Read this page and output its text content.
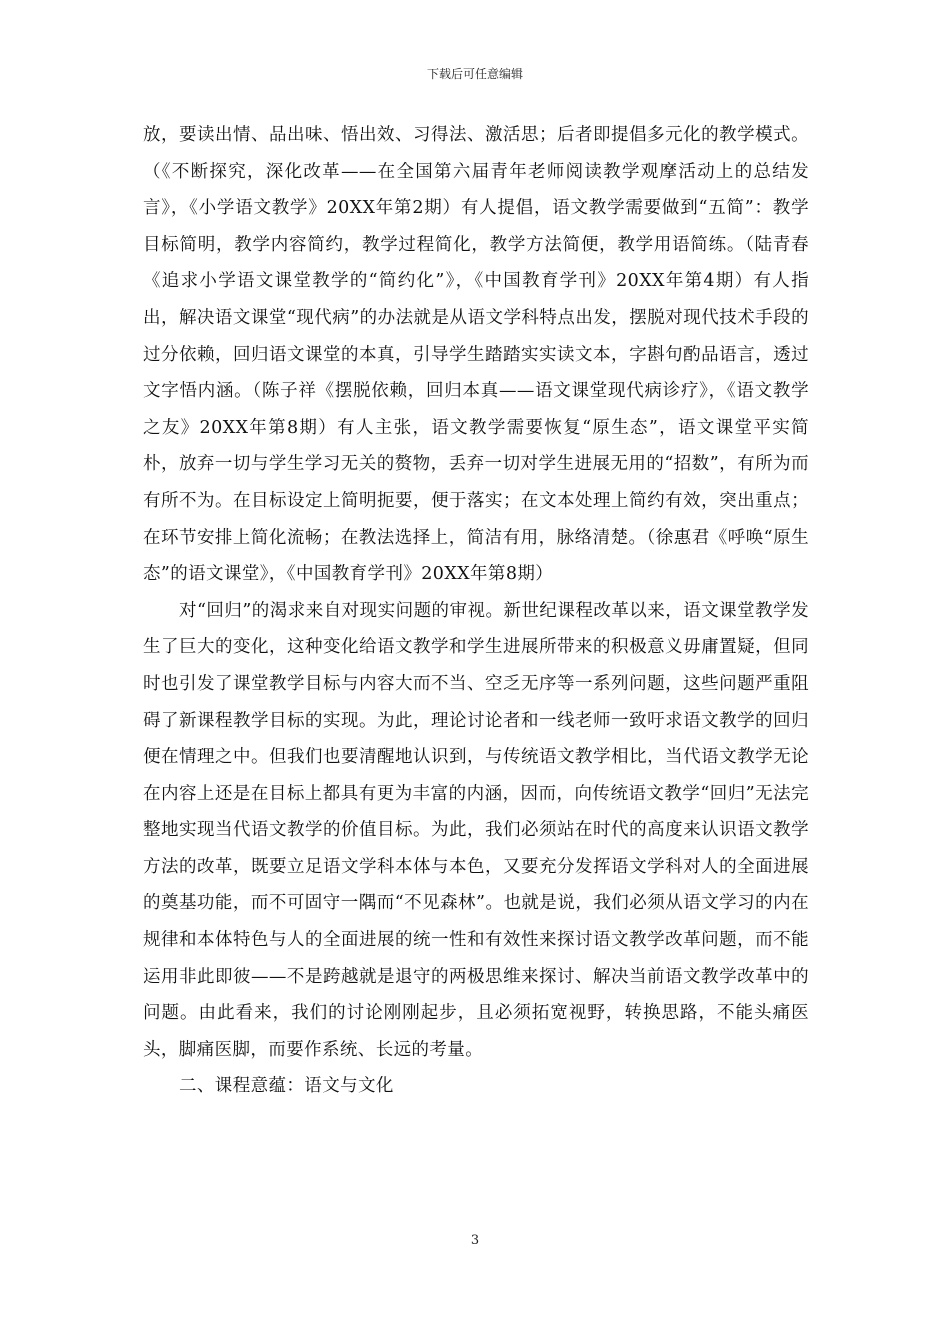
下载后可任意编辑

放，要读出情、品出味、悟出效、习得法、激活思；后者即提倡多元化的教学模式。（《不断探究，深化改革——在全国第六届青年老师阅读教学观摩活动上的总结发言》，《小学语文教学》20XX年第2期）有人提倡，语文教学需要做到“五简”：教学目标简明，教学内容简约，教学过程简化，教学方法简便，教学用语简练。（陆青春《追求小学语文课堂教学的“简约化”》，《中国教育学刊》20XX年第4期）有人指出，解决语文课堂“现代病”的办法就是从语文学科特点出发，摆脱对现代技术手段的过分依赖，回归语文课堂的本真，引导学生踏踏实实读文本，字斟句酌品语言，透过文字悟内涵。（陈子祥《摆脱依赖，回归本真——语文课堂现代病诊疗》，《语文教学之友》20XX年第8期）有人主张，语文教学需要恢复“原生态”，语文课堂平实简朴，放弃一切与学生学习无关的赘物，丢弃一切对学生进展无用的“招数”，有所为而有所不为。在目标设定上简明扼要，便于落实；在文本处理上简约有效，突出重点；在环节安排上简化流畅；在教法选择上，简洁有用，脉络清楚。（徐惠君《呼唤“原生态”的语文课堂》，《中国教育学刊》20XX年第8期）

对“回归”的渴求来自对现实问题的审视。新世纪课程改革以来，语文课堂教学发生了巨大的变化，这种变化给语文教学和学生进展所带来的积极意义毋庸置疑，但同时也引发了课堂教学目标与内容大而不当、空乏无序等一系列问题，这些问题严重阻碍了新课程教学目标的实现。为此，理论讨论者和一线老师一致吁求语文教学的回归便在情理之中。但我们也要清醒地认识到，与传统语文教学相比，当代语文教学无论在内容上还是在目标上都具有更为丰富的内涵，因而，向传统语文教学“回归”无法完整地实现当代语文教学的价值目标。为此，我们必须站在时代的高度来认识语文教学方法的改革，既要立足语文学科本体与本色，又要充分发挥语文学科对人的全面进展的奠基功能，而不可固守一隅而“不见森林”。也就是说，我们必须从语文学习的内在规律和本体特色与人的全面进展的统一性和有效性来探讨语文教学改革问题，而不能运用非此即彼——不是跨越就是退守的两极思维来探讨、解决当前语文教学改革中的问题。由此看来，我们的讨论刚刚起步，且必须拓宽视野，转换思路，不能头痛医头，脚痛医脚，而要作系统、长远的考量。

二、课程意蕴：语文与文化

3
